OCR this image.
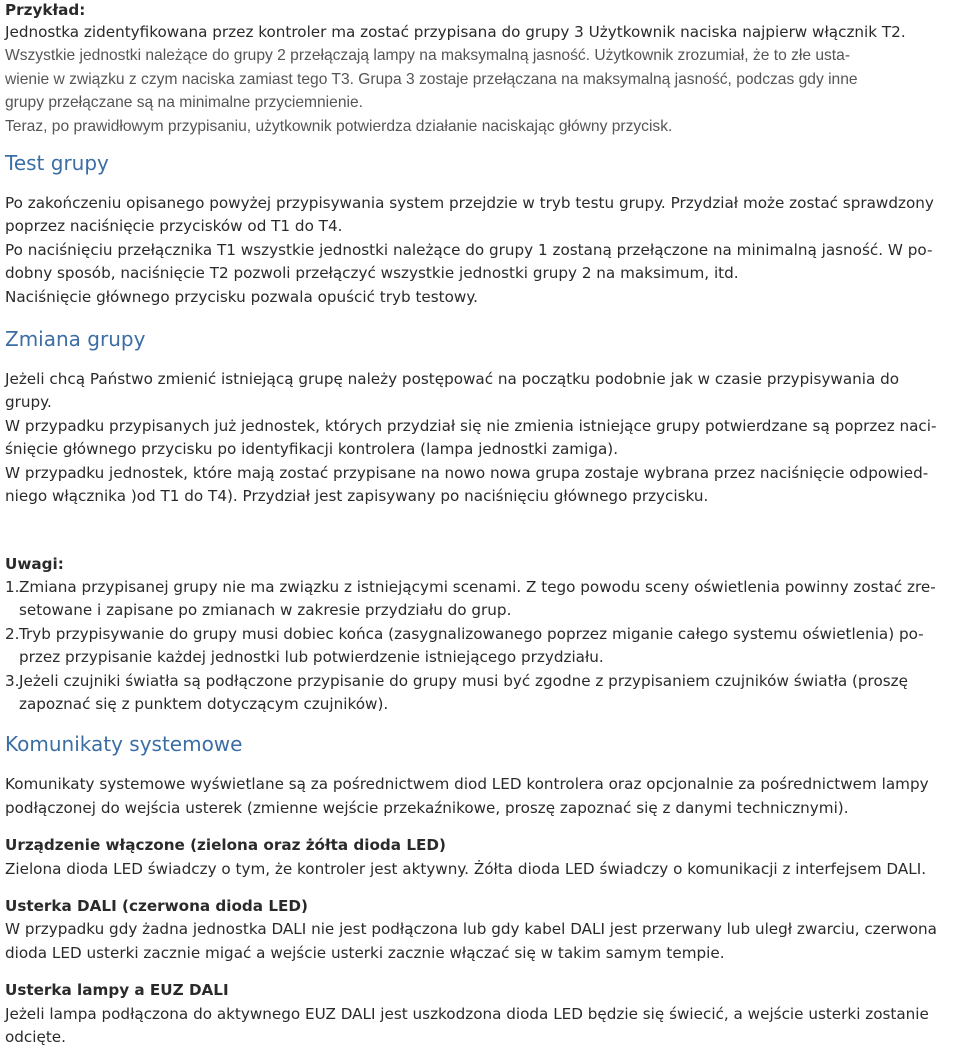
Przykład:

Jednostka zidentyfikowana przez kontroler ma zostać przypisana do grupy 3 Użytkownik naciska najpierw włącznik T2.

Wszystkie jednostki należące do grupy 2 przełączają lampy na maksymalną jasność. Użytkownik zrozumiał, że to złe usta-

wienie w związku z czym naciska zamiast tego T3. Grupa 3 zostaje przełączana na maksymalną jasność, podczas gdy inne

grupy przełączane są na minimalne przyciemnienie.

Teraz, po prawidłowym przypisaniu, użytkownik potwierdza działanie naciskając główny przycisk.

Test grupy

Po zakończeniu opisanego powyżej przypisywania system przejdzie w tryb testu grupy. Przydział może zostać sprawdzony

poprzez naciśnięcie przycisków od T1 do T4.

Po naciśnięciu przełącznika T1 wszystkie jednostki należące do grupy 1 zostaną przełączone na minimalną jasność. W po-

dobny sposób, naciśnięcie T2 pozwoli przełączyć wszystkie jednostki grupy 2 na maksimum, itd.

Naciśnięcie głównego przycisku pozwala opuścić tryb testowy.

Zmiana grupy

Jeżeli chcą Państwo zmienić istniejącą grupę należy postępować na początku podobnie jak w czasie przypisywania do

grupy.

W przypadku przypisanych już jednostek, których przydział się nie zmienia istniejące grupy potwierdzane są poprzez naci-

śnięcie głównego przycisku po identyfikacji kontrolera (lampa jednostki zamiga).

W przypadku jednostek, które mają zostać przypisane na nowo nowa grupa zostaje wybrana przez naciśnięcie odpowied-

niego włącznika )od T1 do T4). Przydział jest zapisywany po naciśnięciu głównego przycisku.

Uwagi:

1. Zmiana przypisanej grupy nie ma związku z istniejącymi scenami. Z tego powodu sceny oświetlenia powinny zostać zre-
setowane i zapisane po zmianach w zakresie przydziału do grup.
2. Tryb przypisywanie do grupy musi dobiec końca (zasygnalizowanego poprzez miganie całego systemu oświetlenia) po-
przez przypisanie każdej jednostki lub potwierdzenie istniejącego przydziału.
3. Jeżeli czujniki światła są podłączone przypisanie do grupy musi być zgodne z przypisaniem czujników światła (proszę
zapoznać się z punktem dotyczącym czujników).
Komunikaty systemowe

Komunikaty systemowe wyświetlane są za pośrednictwem diod LED kontrolera oraz opcjonalnie za pośrednictwem lampy

podłączonej do wejścia usterek (zmienne wejście przekaźnikowe, proszę zapoznać się z danymi technicznymi).

Urządzenie włączone (zielona oraz żółta dioda LED)

Zielona dioda LED świadczy o tym, że kontroler jest aktywny. Żółta dioda LED świadczy o komunikacji z interfejsem DALI.

Usterka DALI (czerwona dioda LED)

W przypadku gdy żadna jednostka DALI nie jest podłączona lub gdy kabel DALI jest przerwany lub uległ zwarciu, czerwona

dioda LED usterki zacznie migać a wejście usterki zacznie włączać się w takim samym tempie.

Usterka lampy a EUZ DALI

Jeżeli lampa podłączona do aktywnego EUZ DALI jest uszkodzona dioda LED będzie się świecić, a wejście usterki zostanie

odcięte.
